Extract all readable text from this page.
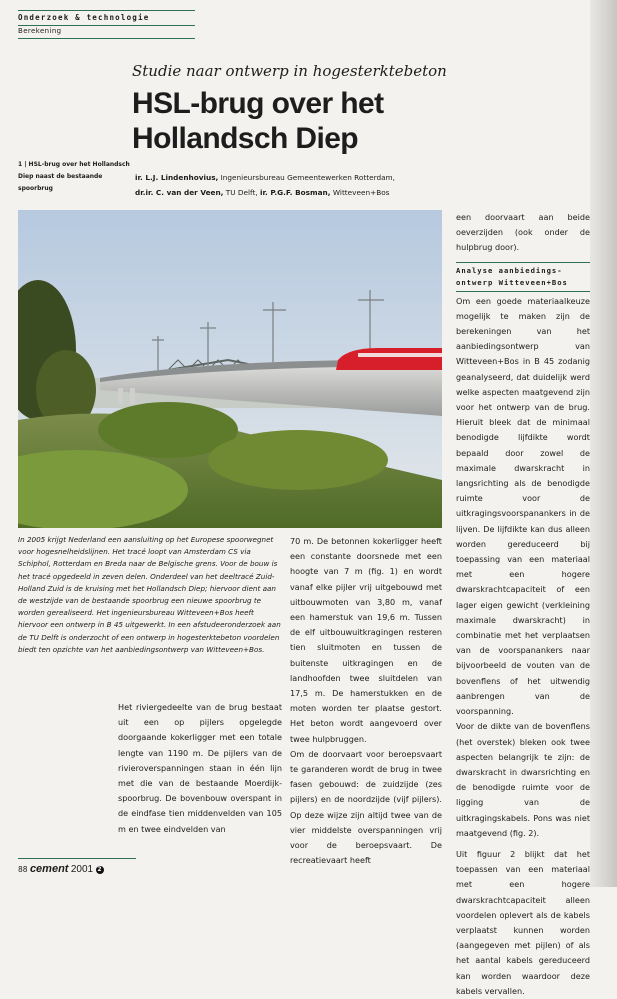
Onderzoek & technologie
Berekening
Studie naar ontwerp in hogesterktebeton
HSL-brug over het
Hollandsch Diep
1 | HSL-brug over het Hollandsch Diep naast de bestaande spoorbrug
ir. L.J. Lindenhovius, Ingenieursbureau Gemeentewerken Rotterdam,
dr.ir. C. van der Veen, TU Delft, ir. P.G.F. Bosman, Witteveen+Bos
In 2005 krijgt Nederland een aansluiting op het Europese spoorwegnet voor hogesnelheidslijnen. Het tracé loopt van Amsterdam CS via Schiphol, Rotterdam en Breda naar de Belgische grens. Voor de bouw is het tracé opgedeeld in zeven delen. Onderdeel van het deeltracé Zuid-Holland Zuid is de kruising met het Hollandsch Diep; hiervoor dient aan de westzijde van de bestaande spoorbrug een nieuwe spoorbrug te worden gerealiseerd. Het ingenieursbureau Witteveen+Bos heeft hiervoor een ontwerp in B 45 uitgewerkt. In een afstudeeronderzoek aan de TU Delft is onderzocht of een ontwerp in hogesterktebeton voordelen biedt ten opzichte van het aanbiedingsontwerp van Witteveen+Bos.
Het riviergedeelte van de brug bestaat uit een op pijlers opgelegde doorgaande kokerligger met een totale lengte van 1190 m. De pijlers van de rivieroverspanningen staan in één lijn met die van de bestaande Moerdijk-spoorbrug. De bovenbouw overspant in de eindfase tien middenvelden van 105 m en twee eindvelden van

70 m. De betonnen kokerligger heeft een constante doorsnede met een hoogte van 7 m (fig. 1) en wordt vanaf elke pijler vrij uitgebouwd met uitbouwmoten van 3,80 m, vanaf een hamerstuk van 19,6 m. Tussen de elf uitbouwuitkragingen resteren tien sluitmoten en tussen de buitenste uitkragingen en de landhoofden twee sluitdelen van 17,5 m. De hamerstukken en de moten worden ter plaatse gestort. Het beton wordt aangevoerd over twee hulpbruggen.

Om de doorvaart voor beroepsvaart te garanderen wordt de brug in twee fasen gebouwd: de zuidzijde (zes pijlers) en de noordzijde (vijf pijlers). Op deze wijze zijn altijd twee van de vier middelste overspanningen vrij voor de beroepsvaart. De recreatievaart heeft

een doorvaart aan beide oeverzijden (ook onder de hulpbrug door).

Analyse aanbiedings-
ontwerp Witteveen+Bos

Om een goede materiaalkeuze mogelijk te maken zijn de berekeningen van het aanbiedingsontwerp van Witteveen+Bos in B 45 zodanig geanalyseerd, dat duidelijk werd welke aspecten maatgevend zijn voor het ontwerp van de brug. Hieruit bleek dat de minimaal benodigde lijfdikte wordt bepaald door zowel de maximale dwarskracht in langsrichting als de benodigde ruimte voor de uitkragingsvoorspanankers in de lijven. De lijfdikte kan dus alleen worden gereduceerd bij toepassing van een materiaal met een hogere dwarskrachtcapaciteit of een lager eigen gewicht (verkleining maximale dwarskracht) in combinatie met het verplaatsen van de voorspanankers naar bijvoorbeeld de vouten van de bovenflens of het uitwendig aanbrengen van de voorspanning.

Voor de dikte van de bovenflens (het overstek) bleken ook twee aspecten belangrijk te zijn: de dwarskracht in dwarsrichting en de benodigde ruimte voor de ligging van de uitkragingskabels. Pons was niet maatgevend (fig. 2).

Uit figuur 2 blijkt dat het toepassen van een materiaal met een hogere dwarskrachtcapaciteit alleen voordelen oplevert als de kabels verplaatst kunnen worden (aangegeven met pijlen) of als het aantal kabels gereduceerd kan worden waardoor deze kabels vervallen.

88 cement 2001 2
